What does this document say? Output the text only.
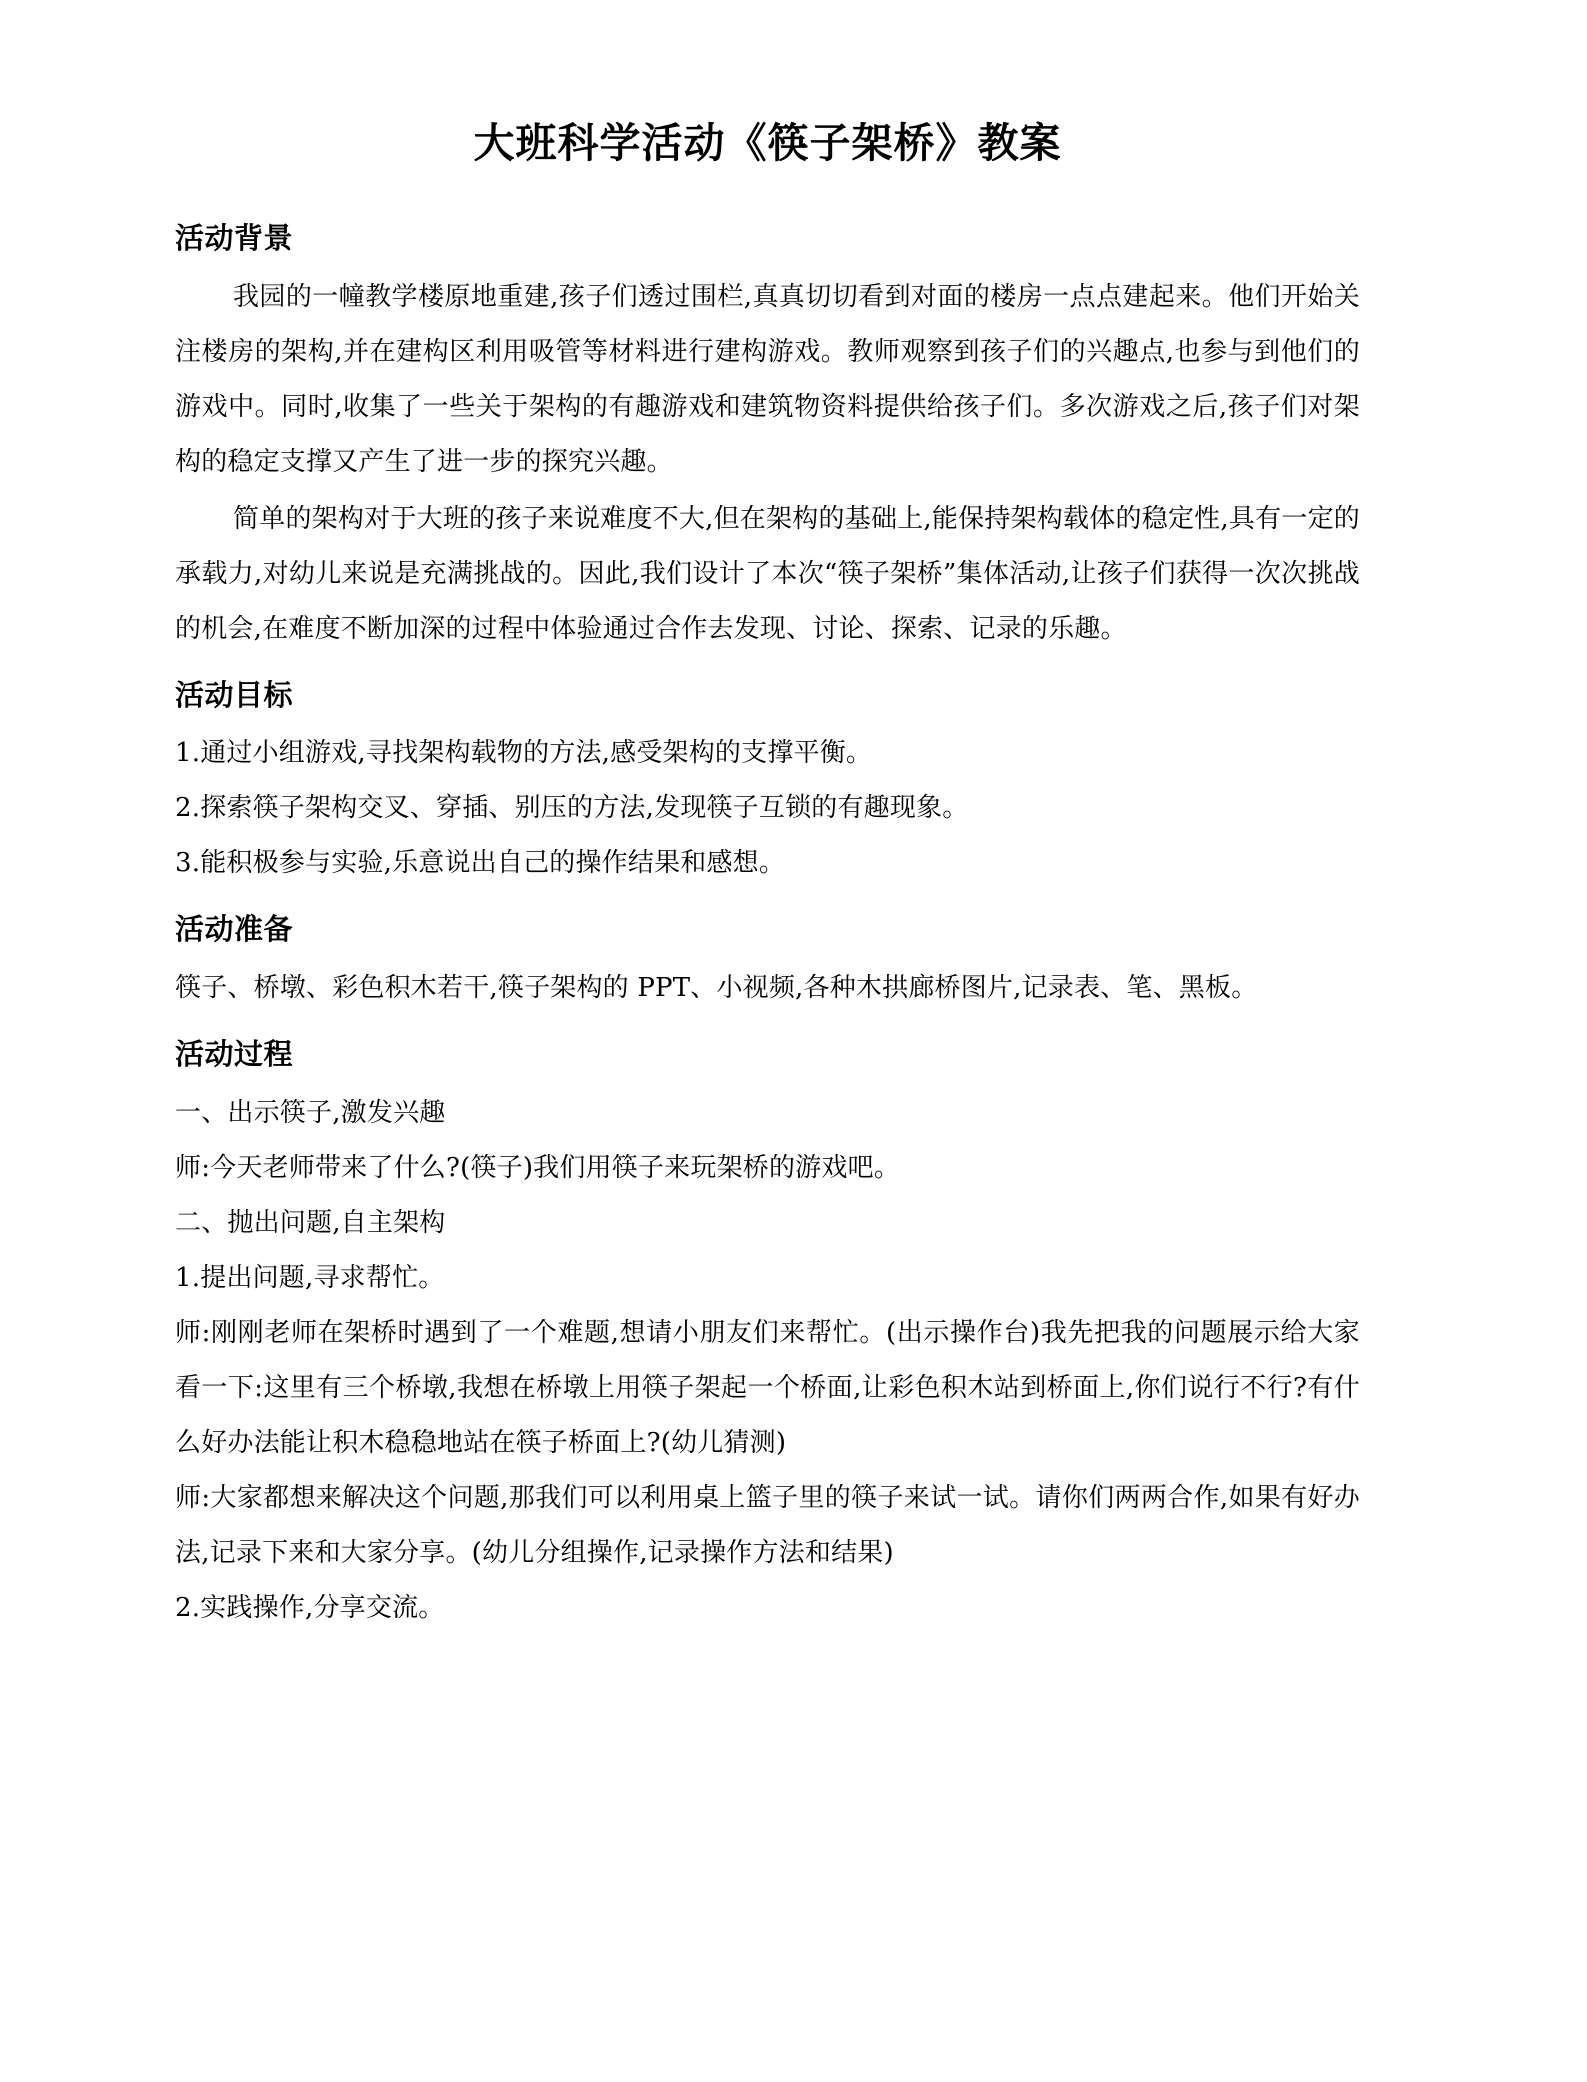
大班科学活动《筷子架桥》教案
活动背景

我园的一幢教学楼原地重建,孩子们透过围栏,真真切切看到对面的楼房一点点建起来。他们开始关注楼房的架构,并在建构区利用吸管等材料进行建构游戏。教师观察到孩子们的兴趣点,也参与到他们的游戏中。同时,收集了一些关于架构的有趣游戏和建筑物资料提供给孩子们。多次游戏之后,孩子们对架构的稳定支撑又产生了进一步的探究兴趣。

简单的架构对于大班的孩子来说难度不大,但在架构的基础上,能保持架构载体的稳定性,具有一定的承载力,对幼儿来说是充满挑战的。因此,我们设计了本次“筷子架桥”集体活动,让孩子们获得一次次挑战的机会,在难度不断加深的过程中体验通过合作去发现、讨论、探索、记录的乐趣。

活动目标

1.通过小组游戏,寻找架构载物的方法,感受架构的支撑平衡。

2.探索筷子架构交叉、穿插、别压的方法,发现筷子互锁的有趣现象。

3.能积极参与实验,乐意说出自己的操作结果和感想。

活动准备

筷子、桥墩、彩色积木若干,筷子架构的 PPT、小视频,各种木拱廊桥图片,记录表、笔、黑板。

活动过程

一、出示筷子,激发兴趣

师:今天老师带来了什么?(筷子)我们用筷子来玩架桥的游戏吧。

二、抛出问题,自主架构

1.提出问题,寻求帮忙。

师:刚刚老师在架桥时遇到了一个难题,想请小朋友们来帮忙。(出示操作台)我先把我的问题展示给大家看一下:这里有三个桥墩,我想在桥墩上用筷子架起一个桥面,让彩色积木站到桥面上,你们说行不行?有什么好办法能让积木稳稳地站在筷子桥面上?(幼儿猜测)

师:大家都想来解决这个问题,那我们可以利用桌上篮子里的筷子来试一试。请你们两两合作,如果有好办法,记录下来和大家分享。(幼儿分组操作,记录操作方法和结果)

2.实践操作,分享交流。
